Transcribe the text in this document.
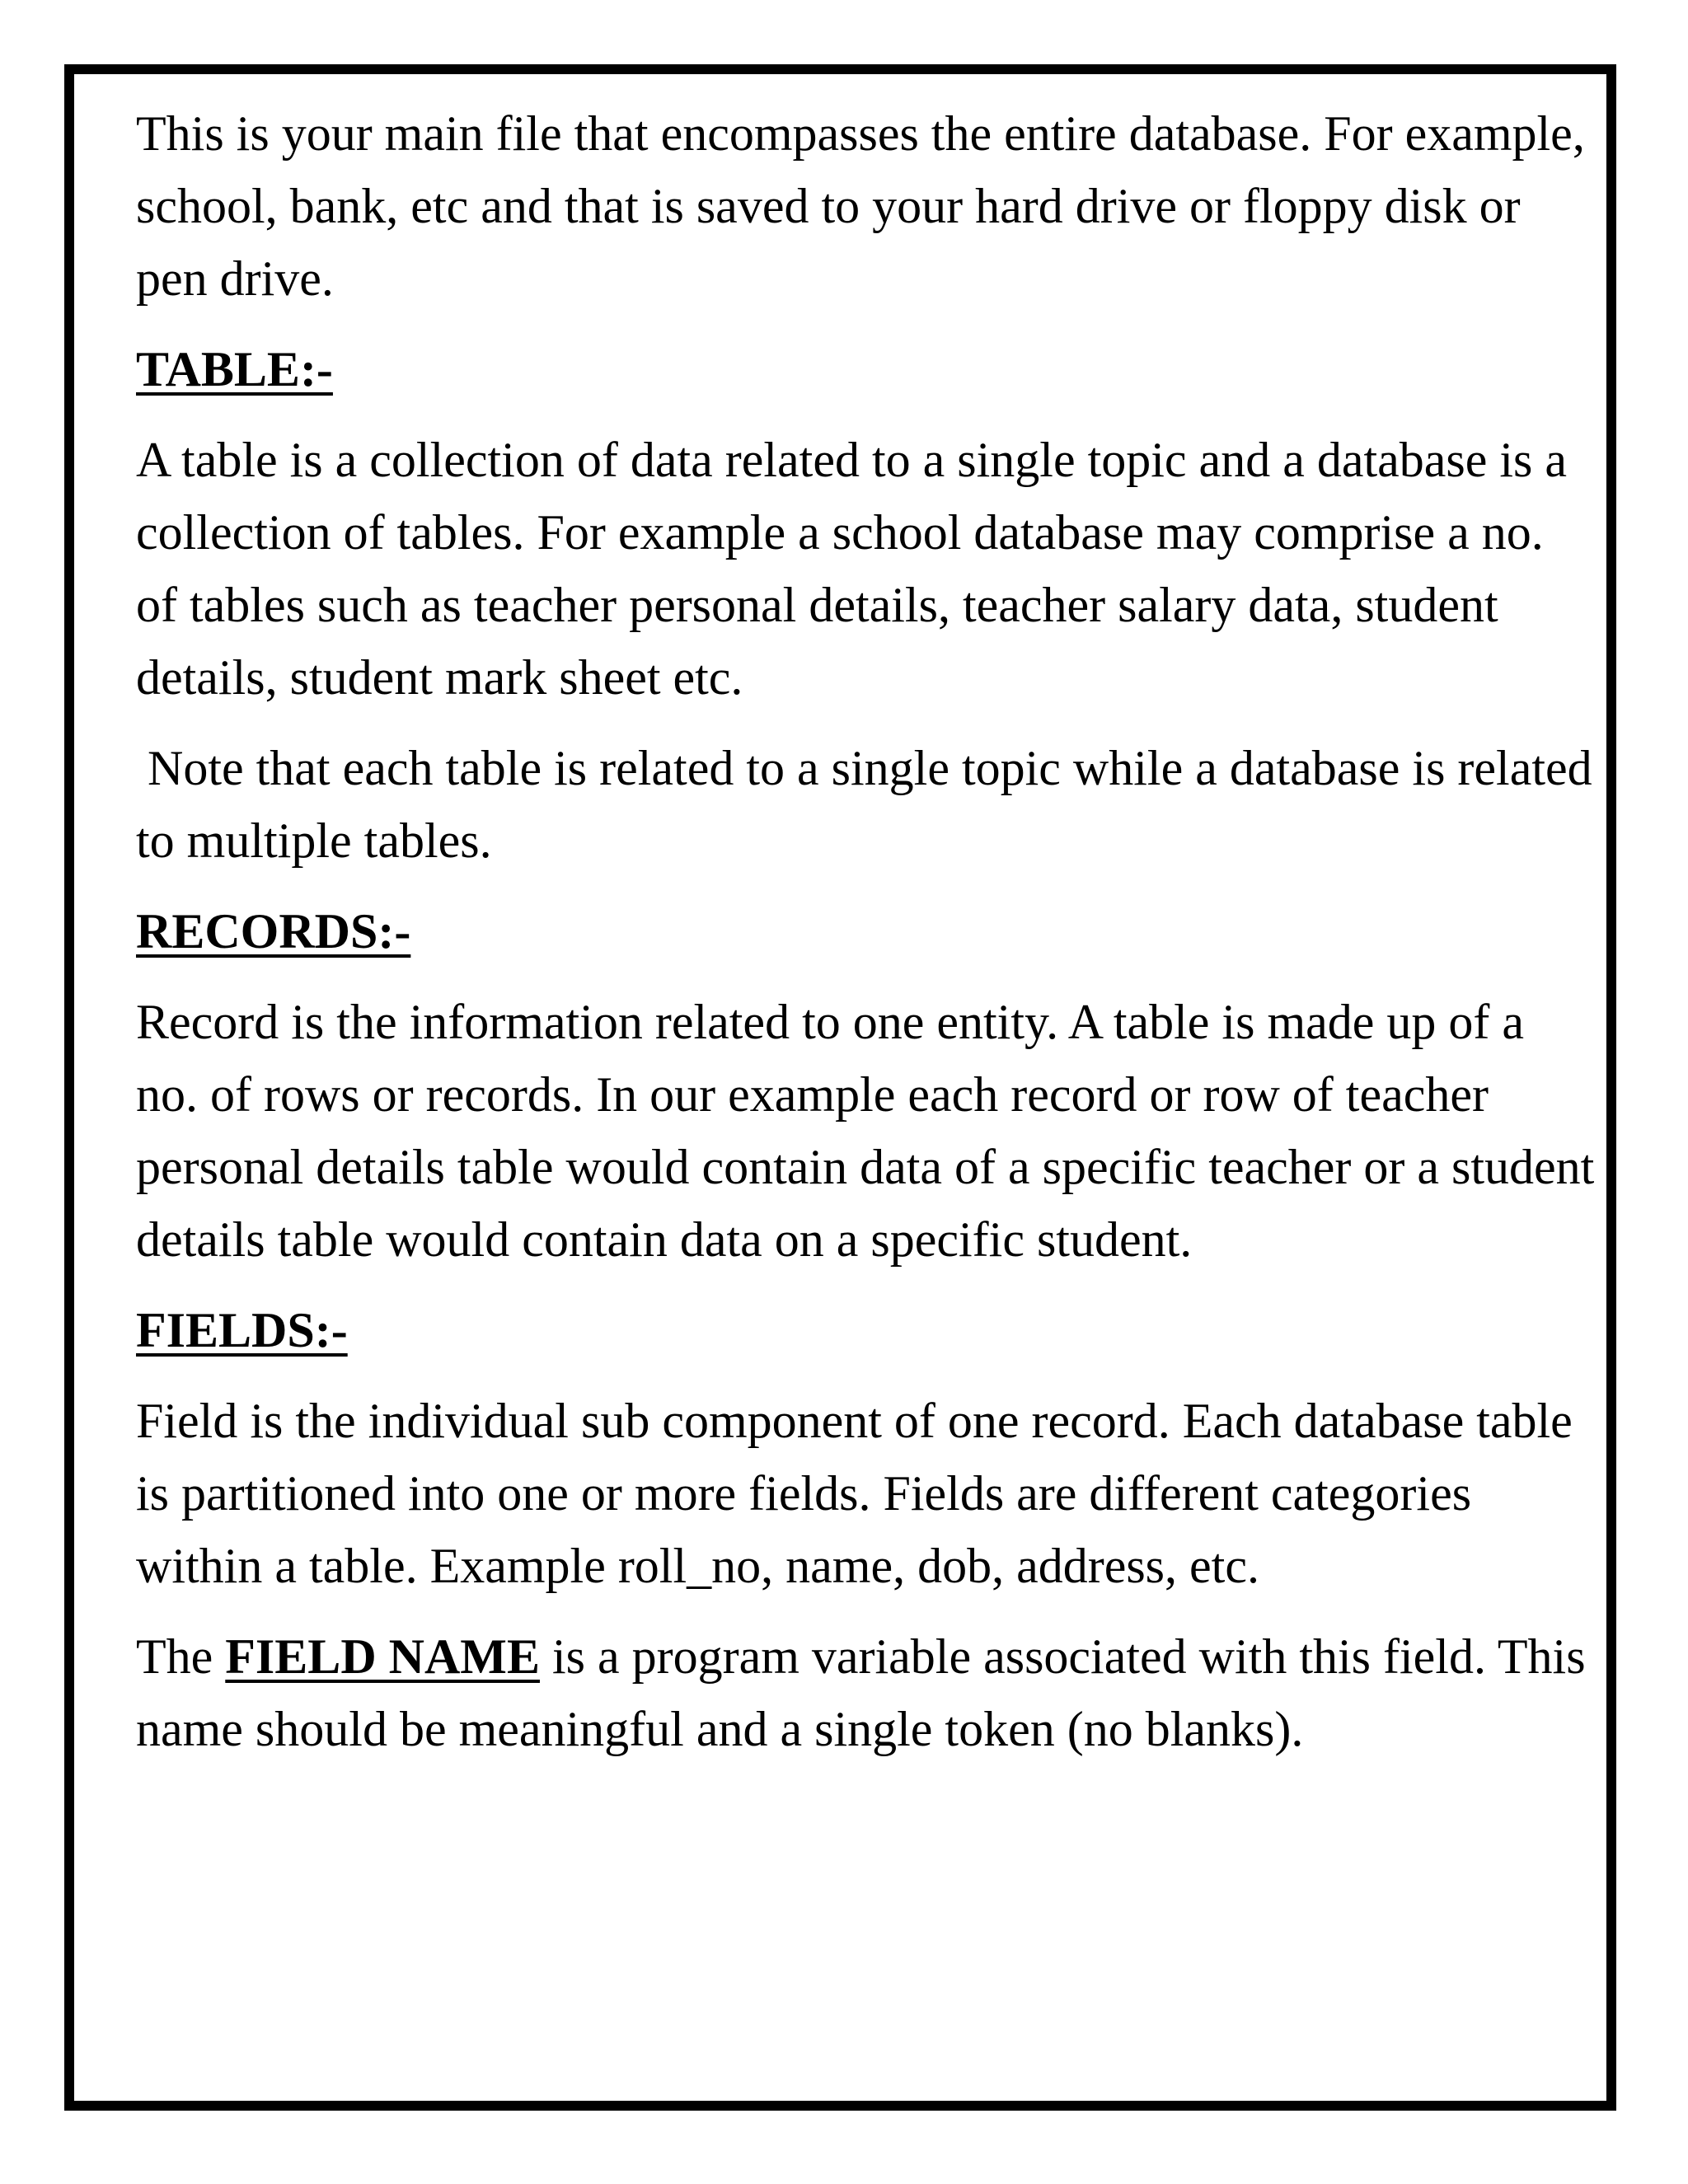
This is your main file that encompasses the entire database. For example, school, bank, etc and that is saved to your hard drive or floppy disk or pen drive.

TABLE:-

A table is a collection of data related to a single topic and a database is a collection of tables. For example a school database may comprise a no. of tables such as teacher personal details, teacher salary data, student details, student mark sheet etc.

Note that each table is related to a single topic while a database is related to multiple tables.

RECORDS:-

Record is the information related to one entity. A table is made up of a no. of rows or records. In our example each record or row of teacher personal details table would contain data of a specific teacher or a student details table would contain data on a specific student.

FIELDS:-

Field is the individual sub component of one record. Each database table is partitioned into one or more fields. Fields are different categories within a table. Example roll_no, name, dob, address, etc.

The FIELD NAME is a program variable associated with this field. This name should be meaningful and a single token (no blanks).
